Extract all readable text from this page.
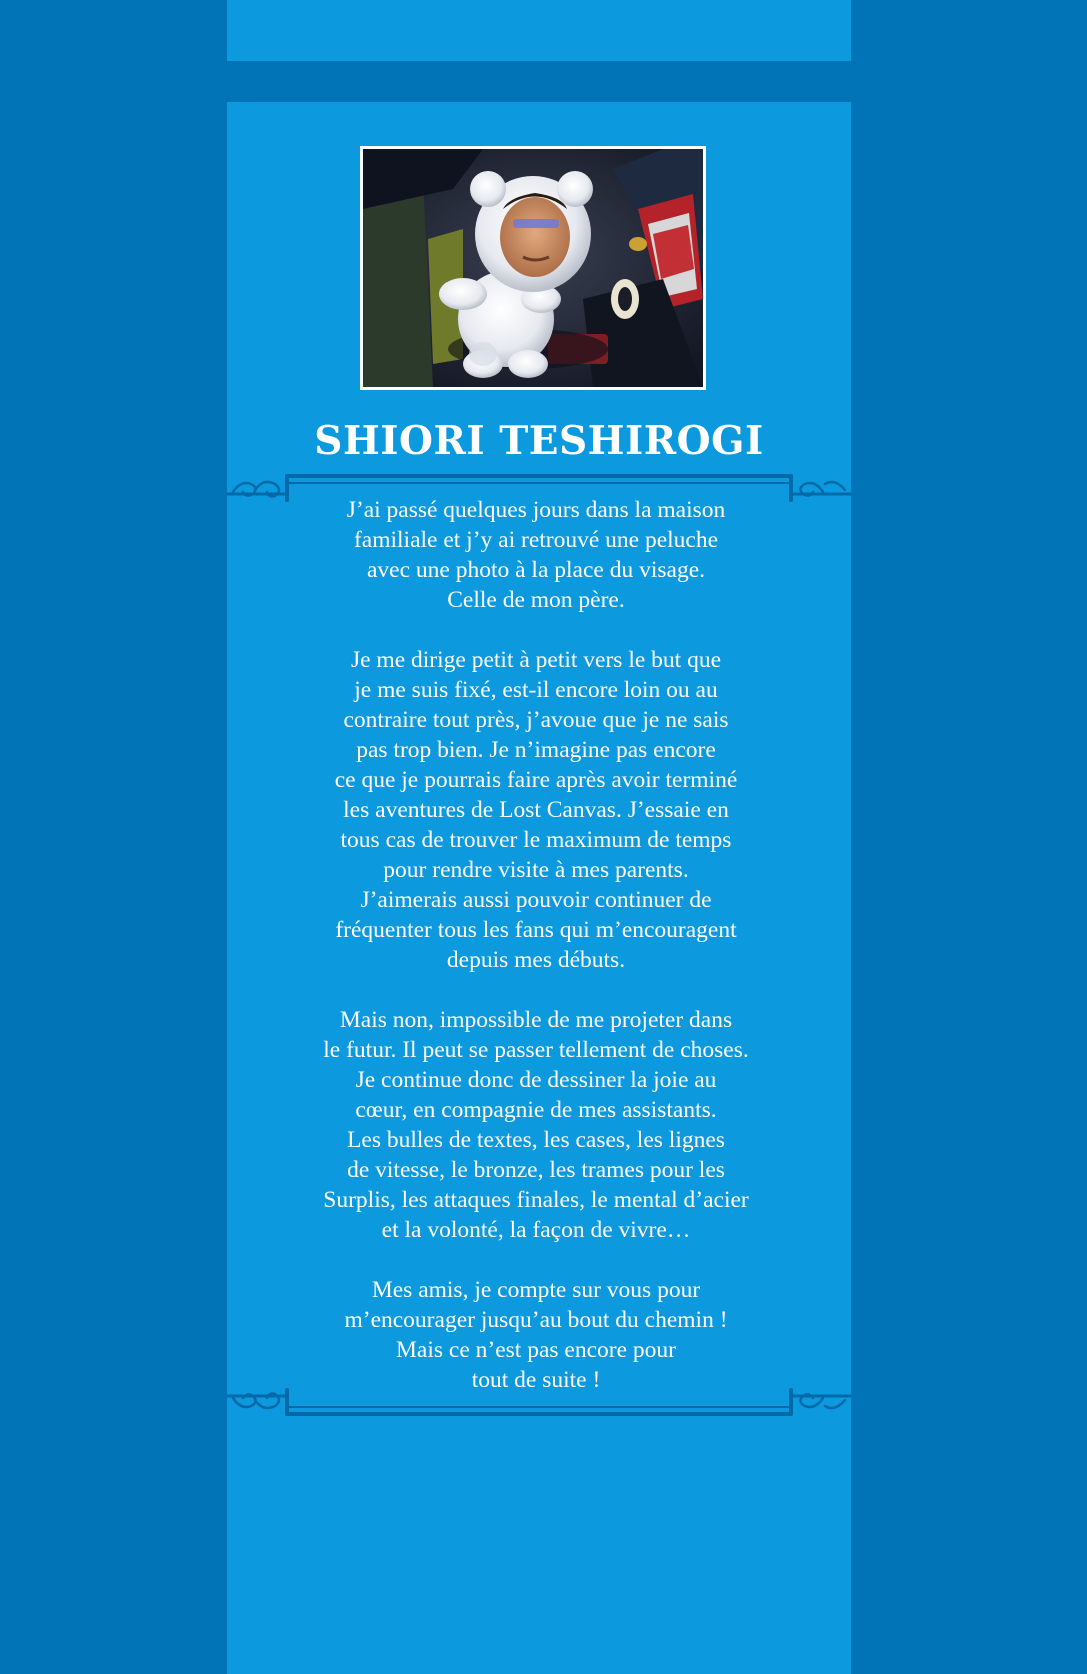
SHIORI TESHIROGI

J’ai passé quelques jours dans la maison
familiale et j’y ai retrouvé une peluche
avec une photo à la place du visage.
Celle de mon père.

Je me dirige petit à petit vers le but que
je me suis fixé, est-il encore loin ou au
contraire tout près, j’avoue que je ne sais
pas trop bien. Je n’imagine pas encore
ce que je pourrais faire après avoir terminé
les aventures de Lost Canvas. J’essaie en
tous cas de trouver le maximum de temps
pour rendre visite à mes parents.
J’aimerais aussi pouvoir continuer de
fréquenter tous les fans qui m’encouragent
depuis mes débuts.

Mais non, impossible de me projeter dans
le futur. Il peut se passer tellement de choses.
Je continue donc de dessiner la joie au
cœur, en compagnie de mes assistants.
Les bulles de textes, les cases, les lignes
de vitesse, le bronze, les trames pour les
Surplis, les attaques finales, le mental d’acier
et la volonté, la façon de vivre…

Mes amis, je compte sur vous pour
m’encourager jusqu’au bout du chemin !
Mais ce n’est pas encore pour
tout de suite !
